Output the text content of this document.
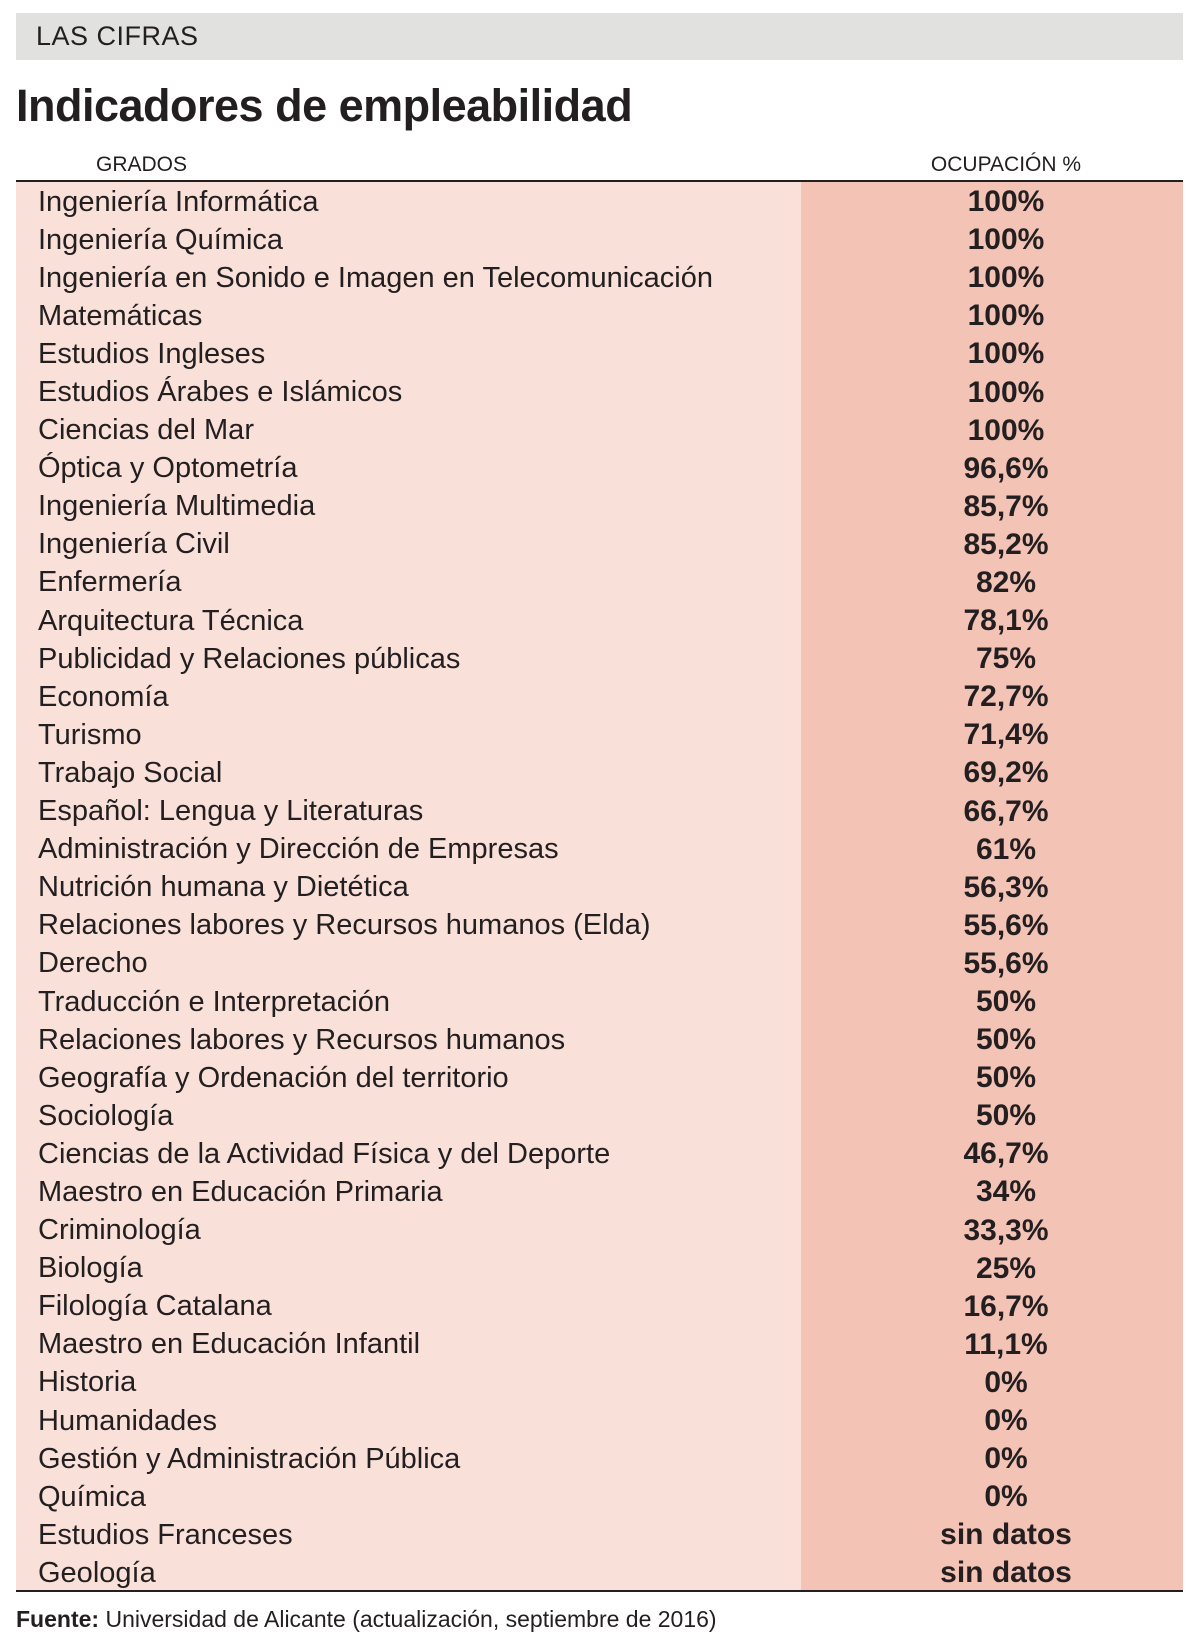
LAS CIFRAS
Indicadores de empleabilidad
GRADOS	OCUPACIÓN %
Ingeniería Informática	100%
Ingeniería Química	100%
Ingeniería en Sonido e Imagen en Telecomunicación	100%
Matemáticas	100%
Estudios Ingleses	100%
Estudios Árabes e Islámicos	100%
Ciencias del Mar	100%
Óptica y Optometría	96,6%
Ingeniería Multimedia	85,7%
Ingeniería Civil	85,2%
Enfermería	82%
Arquitectura Técnica	78,1%
Publicidad y Relaciones públicas	75%
Economía	72,7%
Turismo	71,4%
Trabajo Social	69,2%
Español: Lengua y Literaturas	66,7%
Administración y Dirección de Empresas	61%
Nutrición humana y Dietética	56,3%
Relaciones labores y Recursos humanos (Elda)	55,6%
Derecho	55,6%
Traducción e Interpretación	50%
Relaciones labores y Recursos humanos	50%
Geografía y Ordenación del territorio	50%
Sociología	50%
Ciencias de la Actividad Física y del Deporte	46,7%
Maestro en Educación Primaria	34%
Criminología	33,3%
Biología	25%
Filología Catalana	16,7%
Maestro en Educación Infantil	11,1%
Historia	0%
Humanidades	0%
Gestión y Administración Pública	0%
Química	0%
Estudios Franceses	sin datos
Geología	sin datos
Fuente: Universidad de Alicante (actualización, septiembre de 2016)
